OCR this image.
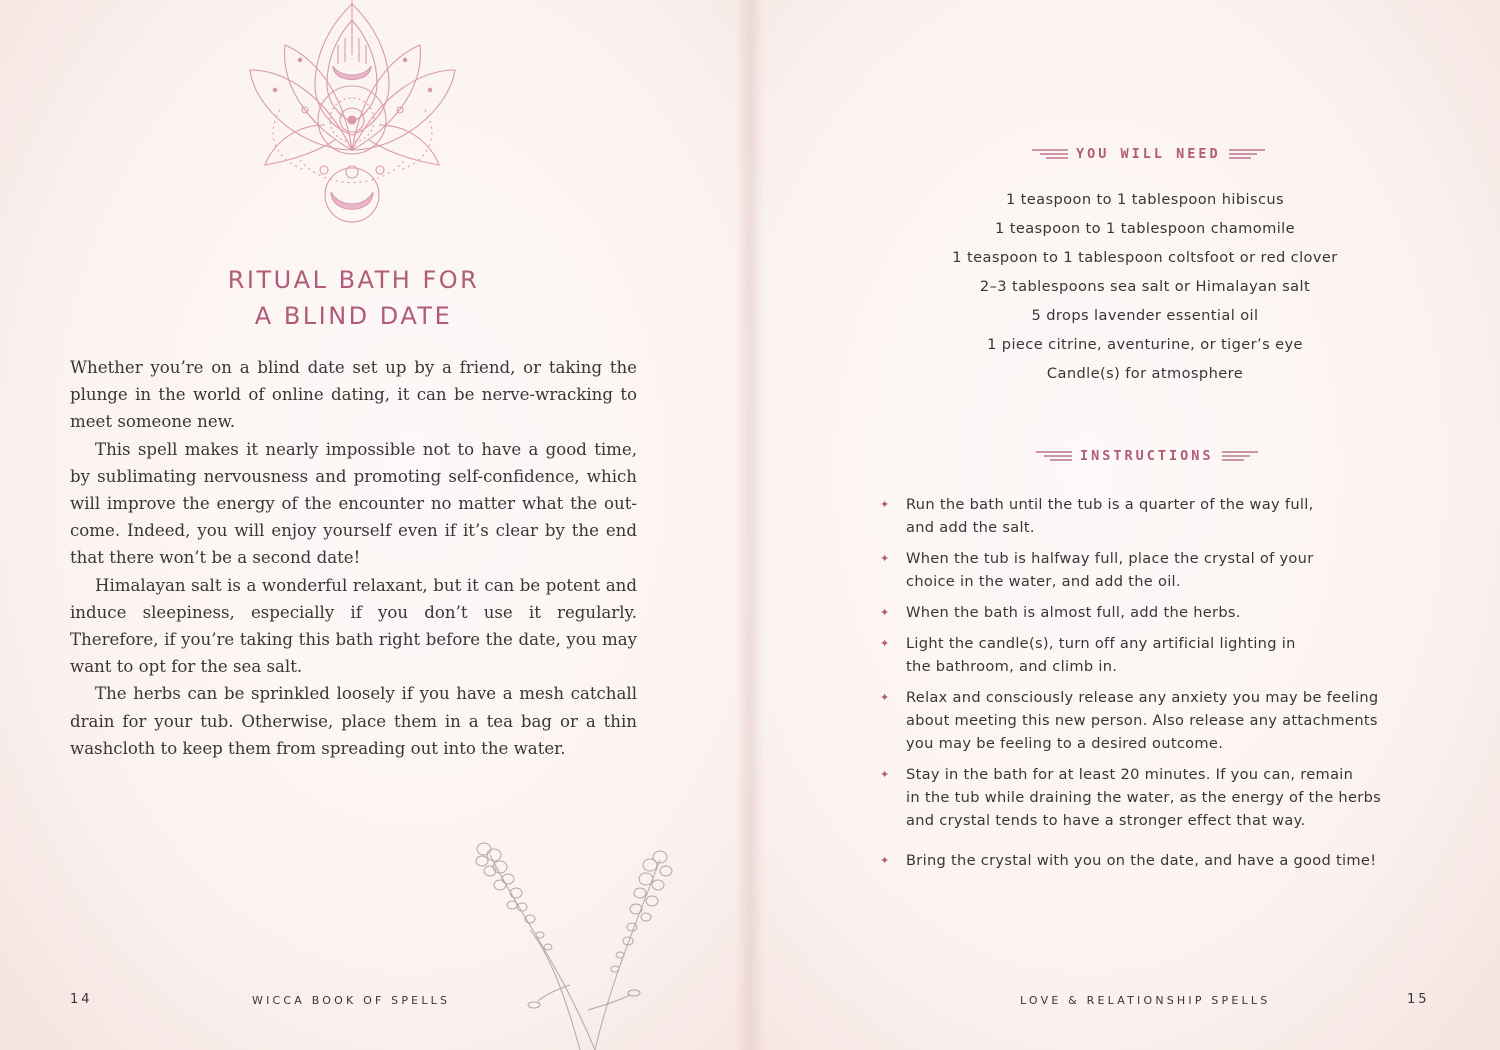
RITUAL BATH FOR
A BLIND DATE

Whether you’re on a blind date set up by a friend, or taking the plunge in the world of online dating, it can be nerve-wracking to meet someone new.

This spell makes it nearly impossible not to have a good time, by sublimating nervousness and promoting self-confidence, which will improve the energy of the encounter no matter what the out-come. Indeed, you will enjoy yourself even if it’s clear by the end that there won’t be a second date!

Himalayan salt is a wonderful relaxant, but it can be potent and induce sleepiness, especially if you don’t use it regularly. Therefore, if you’re taking this bath right before the date, you may want to opt for the sea salt.

The herbs can be sprinkled loosely if you have a mesh catchall drain for your tub. Otherwise, place them in a tea bag or a thin washcloth to keep them from spreading out into the water.

14	WICCA BOOK OF SPELLS
YOU WILL NEED
1 teaspoon to 1 tablespoon hibiscus
1 teaspoon to 1 tablespoon chamomile
1 teaspoon to 1 tablespoon coltsfoot or red clover
2–3 tablespoons sea salt or Himalayan salt
5 drops lavender essential oil
1 piece citrine, aventurine, or tiger’s eye
Candle(s) for atmosphere
INSTRUCTIONS
✦ Run the bath until the tub is a quarter of the way full,
and add the salt.
✦ When the tub is halfway full, place the crystal of your
choice in the water, and add the oil.
✦ When the bath is almost full, add the herbs.
✦ Light the candle(s), turn off any artificial lighting in
the bathroom, and climb in.
✦ Relax and consciously release any anxiety you may be feeling
about meeting this new person. Also release any attachments
you may be feeling to a desired outcome.
✦ Stay in the bath for at least 20 minutes. If you can, remain
in the tub while draining the water, as the energy of the herbs
and crystal tends to have a stronger effect that way.
✦ Bring the crystal with you on the date, and have a good time!
LOVE & RELATIONSHIP SPELLS	15
